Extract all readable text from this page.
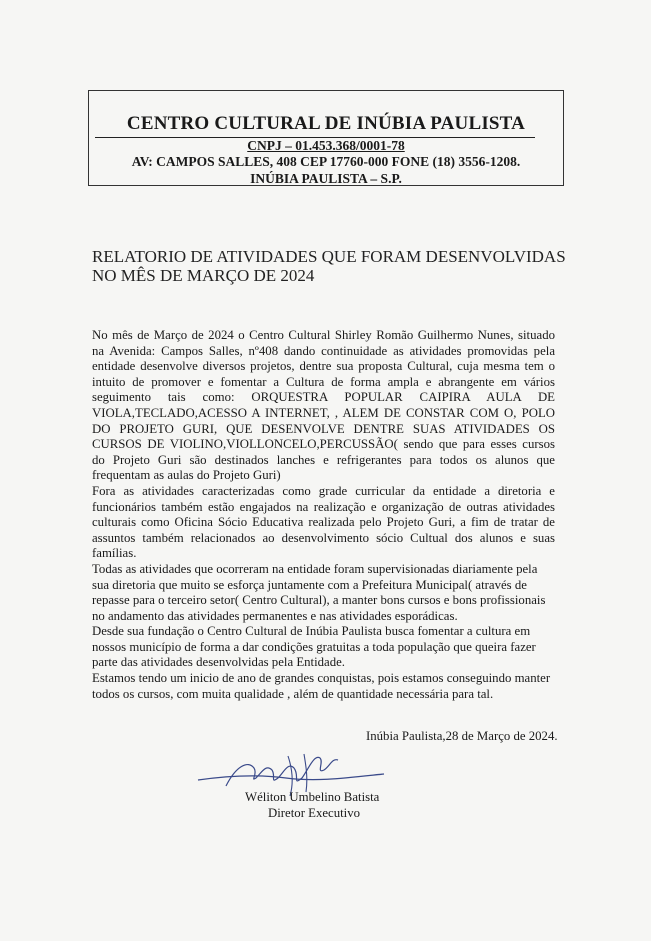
CENTRO CULTURAL DE INÚBIA PAULISTA
CNPJ – 01.453.368/0001-78
AV: CAMPOS SALLES, 408 CEP 17760-000 FONE (18) 3556-1208.
INÚBIA PAULISTA – S.P.
RELATORIO DE ATIVIDADES QUE FORAM DESENVOLVIDAS
NO MÊS DE MARÇO DE 2024
No mês de Março de 2024 o Centro Cultural Shirley Romão Guilhermo Nunes, situado
na Avenida: Campos Salles, nº408 dando continuidade as atividades promovidas pela
entidade desenvolve diversos projetos, dentre sua proposta Cultural, cuja mesma tem o
intuito de promover e fomentar a Cultura de forma ampla e abrangente em vários
seguimento tais como: ORQUESTRA POPULAR CAIPIRA AULA DE
VIOLA,TECLADO,ACESSO A INTERNET, , ALEM DE CONSTAR COM O, POLO
DO PROJETO GURI, QUE DESENVOLVE DENTRE SUAS ATIVIDADES OS
CURSOS DE VIOLINO,VIOLLONCELO,PERCUSSÃO( sendo que para esses cursos
do Projeto Guri são destinados lanches e refrigerantes para todos os alunos que
frequentam as aulas do Projeto Guri)
Fora as atividades caracterizadas como grade curricular da entidade a diretoria e
funcionários também estão engajados na realização e organização de outras atividades
culturais como Oficina Sócio Educativa realizada pelo Projeto Guri, a fim de tratar de
assuntos também relacionados ao desenvolvimento sócio Cultual dos alunos e suas
famílias.
Todas as atividades que ocorreram na entidade foram supervisionadas diariamente pela
sua diretoria que muito se esforça juntamente com a Prefeitura Municipal( através de
repasse para o terceiro setor( Centro Cultural), a manter bons cursos e bons profissionais
no andamento das atividades permanentes e nas atividades esporádicas.
Desde sua fundação o Centro Cultural de Inúbia Paulista busca fomentar a cultura em
nossos município de forma a dar condições gratuitas a toda população que queira fazer
parte das atividades desenvolvidas pela Entidade.
Estamos tendo um inicio de ano de grandes conquistas, pois estamos conseguindo manter
todos os cursos, com muita qualidade , além de quantidade necessária para tal.
Inúbia Paulista,28 de Março de 2024.
Wéliton Umbelino Batista
Diretor Executivo
